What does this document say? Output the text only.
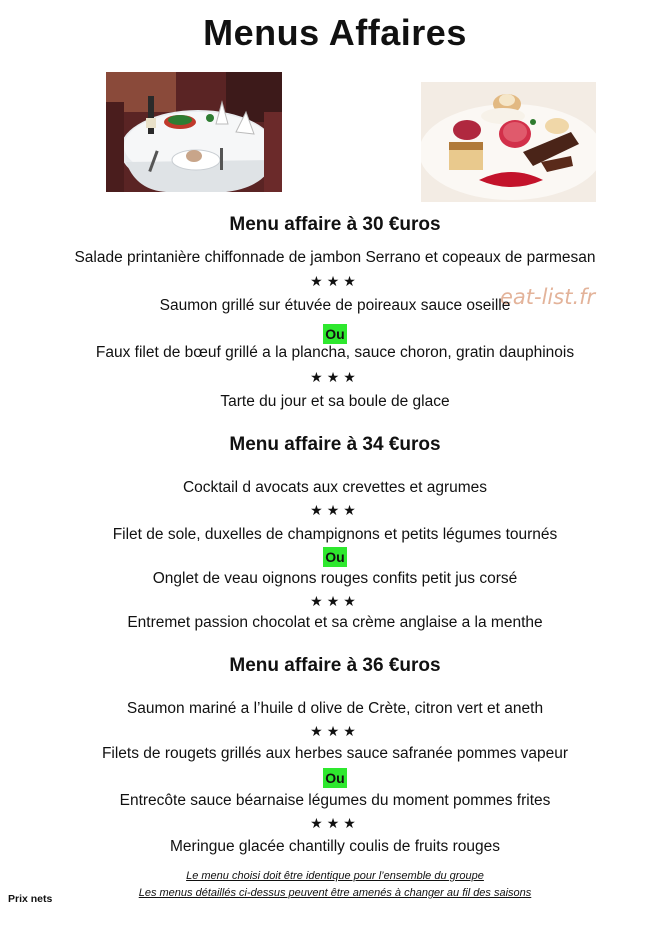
Menus Affaires
eat-list.fr
Menu affaire à 30 €uros
Salade printanière chiffonnade de jambon Serrano et copeaux de parmesan
★★★
Saumon grillé sur étuvée de poireaux sauce oseille
Ou
Faux filet de bœuf grillé a la plancha, sauce choron, gratin dauphinois
★★★
Tarte du jour et sa boule de glace
Menu affaire à 34 €uros
Cocktail d avocats aux crevettes et agrumes
★★★
Filet de sole, duxelles de champignons et petits légumes tournés
Ou
Onglet de veau oignons rouges confits petit jus corsé
★★★
Entremet passion chocolat et sa crème anglaise a la menthe
Menu affaire à 36 €uros
Saumon mariné a l’huile d olive de Crète, citron vert et aneth
★★★
Filets de rougets grillés aux herbes sauce safranée pommes vapeur
Ou
Entrecôte sauce béarnaise légumes du moment pommes frites
★★★
Meringue glacée chantilly coulis de fruits rouges
Le menu choisi doit être identique pour l’ensemble du groupe
Les menus détaillés ci-dessus peuvent être amenés à changer au fil des saisons
Prix nets
